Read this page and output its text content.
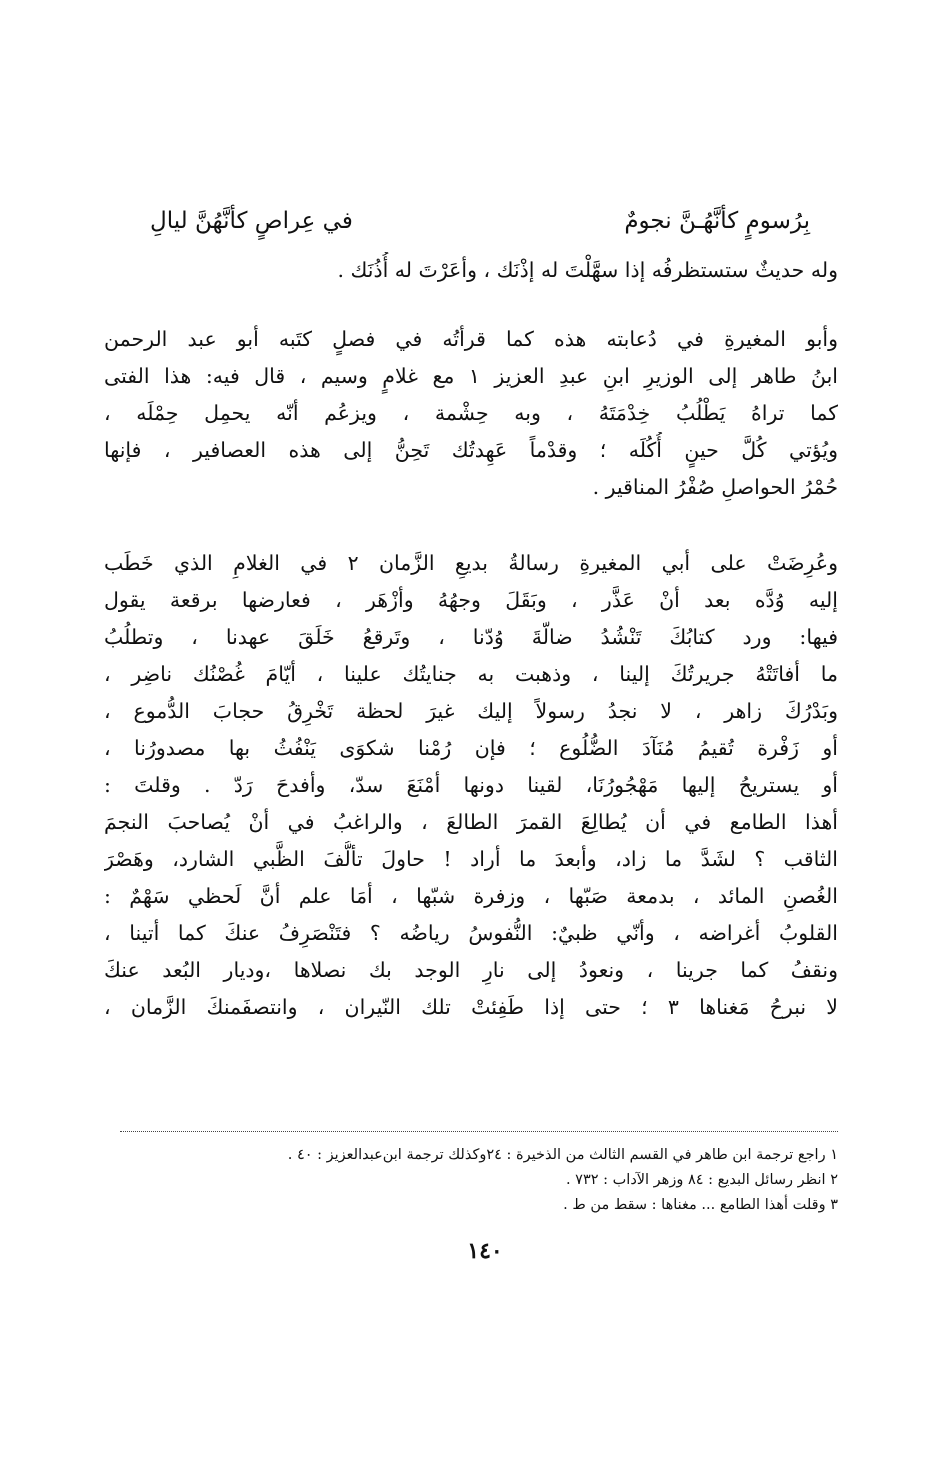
بِرُسومٍ كأنَّهُـنَّ نجومٌ
في عِراصٍ كأنَّهُنَّ ليالِ
وله حديثٌ ستستظرفُه إذا سهَّلْتَ له إذْنَك ، وأعَرْتَ له أُذُنَك .
وأبو المغيرةِ في دُعابته هذه كما قرأتُه في فصلٍ كتَبه أبو عبد الرحمن
ابنُ طاهر إلى الوزيرِ ابنِ عبدِ العزيز ١ مع غلامٍ وسيم ، قال فيه: هذا الفتى
كما تراهُ يَطْلُبُ خِدْمَتَهُ ، وبه حِشْمة ، ويزعُم أنّه يحمِل حِمْلَه ،
ويُؤتي كُلَّ حينٍ أُكُلَه ؛ وقدْماً عَهِدتُك تَحِنُّ إلى هذه العصافير ، فإنها
حُمْرُ الحواصلِ صُفْرُ المناقير .
وعُرِضَتْ على أبي المغيرةِ رسالةُ بديعِ الزَّمان ٢ في الغلامِ الذي خَطَب
إليه وُدَّه بعد أنْ عَذَّر ، وبَقَلَ وجهُهُ وأزْهَر ، فعارضها برقعة يقول
فيها: ورد كتابُكَ تَنْشُدُ ضالّةَ وُدّنا ، وتَرقعُ خَلَقَ عهدنا ، وتطلُبُ
ما أفاتَتْهُ جريرتُكَ إلينا ، وذهبت به جنايتُك علينا ، أيّامَ غُصْنُك ناضِر ،
وبَدْرُكَ زاهر ، لا نجدُ رسولاً إليك غيرَ لحظة تَخْرِقُ حجابَ الدُّموع ،
أو زَفْرة تُقيمُ مُنَآدَ الضُّلُوع ؛ فإن رُمْنا شكوَى يَنْفُثُ بها مصدورُنا ،
أو يستريحُ إليها مَهْجُورُنَا، لقينا دونها أمْنَعَ سدّ، وأفدحَ رَدّ . وقلتَ :
أهذا الطامع في أن يُطالِعَ القمرَ الطالعَ ، والراغبُ في أنْ يُصاحبَ النجمَ
الثاقب ؟ لشَدَّ ما زاد، وأبعدَ ما أراد ! حاولَ تألُّفَ الظَّبي الشارد، وهَصْرَ
الغُصنِ المائد ، بدمعة صَبّها ، وزفرة شبّها ، أمَا علم أنَّ لَحظي سَهْمٌ :
القلوبُ أغراضه ، وأنّي ظبيٌ: النُّفوسُ رياضُه ؟ فتَنْصَرِفُ عنكَ كما أتينا ،
ونقفُ كما جرينا ، ونعودُ إلى نارِ الوجد بك نصلاها ،وديار البُعد عنكَ
لا نبرحُ مَغناها ٣ ؛ حتى إذا طَفِئتْ تلك النّيران ، وانتصفَمنكَ الزَّمان ،
١ راجع ترجمة ابن طاهر في القسم الثالث من الذخيرة : ٢٤وكذلك ترجمة ابن‌عبدالعزيز : ٤٠ .
٢ انظر رسائل البديع : ٨٤ وزهر الآداب : ٧٣٢ .
٣ وقلت أهذا الطامع ... مغناها : سقط من ط .
١٤٠
